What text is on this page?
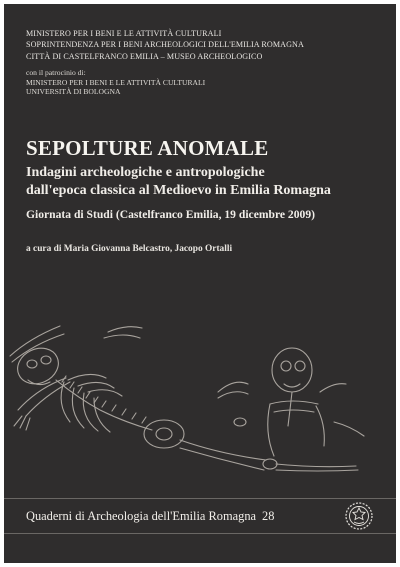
MINISTERO PER I BENI E LE ATTIVITÀ CULTURALI
SOPRINTENDENZA PER I BENI ARCHEOLOGICI DELL'EMILIA ROMAGNA
CITTÀ DI CASTELFRANCO EMILIA – MUSEO ARCHEOLOGICO
con il patrocinio di:
MINISTERO PER I BENI E LE ATTIVITÀ CULTURALI
UNIVERSITÀ DI BOLOGNA
SEPOLTURE ANOMALE
Indagini archeologiche e antropologiche
dall'epoca classica al Medioevo in Emilia Romagna
Giornata di Studi (Castelfranco Emilia, 19 dicembre 2009)
a cura di Maria Giovanna Belcastro, Jacopo Ortalli
Quaderni di Archeologia dell'Emilia Romagna 28
